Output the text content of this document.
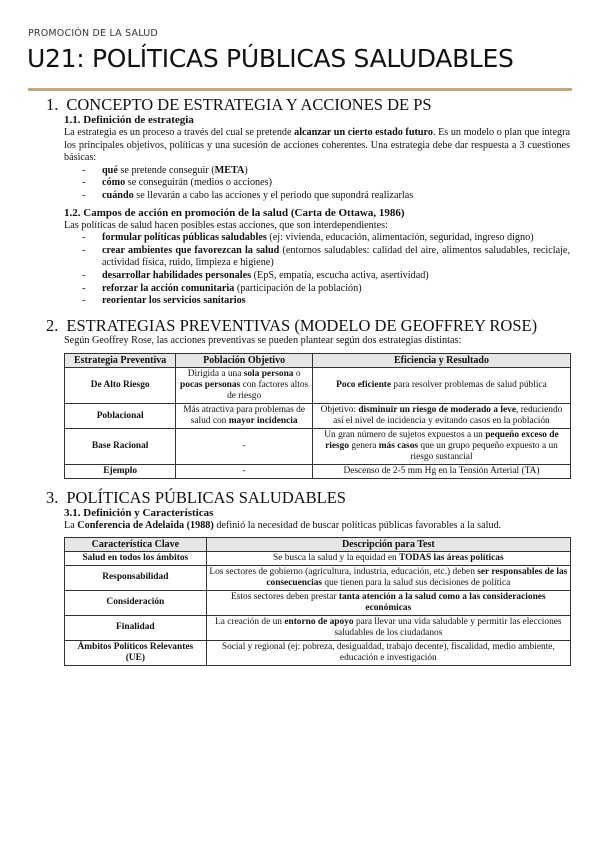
PROMOCIÓN DE LA SALUD
U21: POLÍTICAS PÚBLICAS SALUDABLES
1. CONCEPTO DE ESTRATEGIA Y ACCIONES DE PS
1.1. Definición de estrategia

La estrategia es un proceso a través del cual se pretende alcanzar un cierto estado futuro. Es un modelo o plan que integra los principales objetivos, políticas y una sucesión de acciones coherentes. Una estrategia debe dar respuesta a 3 cuestiones básicas:

- qué se pretende conseguir (META)
- cómo se conseguirán (medios o acciones)
- cuándo se llevarán a cabo las acciones y el periodo que supondrá realizarlas
1.2. Campos de acción en promoción de la salud (Carta de Ottawa, 1986)

Las políticas de salud hacen posibles estas acciones, que son interdependientes:

- formular políticas públicas saludables (ej: vivienda, educación, alimentación, seguridad, ingreso digno)
- crear ambientes que favorezcan la salud (entornos saludables: calidad del aire, alimentos saludables, reciclaje, actividad física, ruido, limpieza e higiene)
- desarrollar habilidades personales (EpS, empatía, escucha activa, asertividad)
- reforzar la acción comunitaria (participación de la población)
- reorientar los servicios sanitarios
2. ESTRATEGIAS PREVENTIVAS (MODELO DE GEOFFREY ROSE)

Según Geoffrey Rose, las acciones preventivas se pueden plantear según dos estrategias distintas:

Estrategia Preventiva	Población Objetivo	Eficiencia y Resultado
De Alto Riesgo	Dirigida a una sola persona o pocas personas con factores altos de riesgo	Poco eficiente para resolver problemas de salud pública
Poblacional	Más atractiva para problemas de salud con mayor incidencia	Objetivo: disminuir un riesgo de moderado a leve, reduciendo así el nivel de incidencia y evitando casos en la población
Base Racional	-	Un gran número de sujetos expuestos a un pequeño exceso de riesgo genera más casos que un grupo pequeño expuesto a un riesgo sustancial
Ejemplo	-	Descenso de 2-5 mm Hg en la Tensión Arterial (TA)
3. POLÍTICAS PÚBLICAS SALUDABLES
3.1. Definición y Características

La Conferencia de Adelaida (1988) definió la necesidad de buscar políticas públicas favorables a la salud.

Característica Clave	Descripción para Test
Salud en todos los ámbitos	Se busca la salud y la equidad en TODAS las áreas políticas
Responsabilidad	Los sectores de gobierno (agricultura, industria, educación, etc.) deben ser responsables de las consecuencias que tienen para la salud sus decisiones de política
Consideración	Estos sectores deben prestar tanta atención a la salud como a las consideraciones económicas
Finalidad	La creación de un entorno de apoyo para llevar una vida saludable y permitir las elecciones saludables de los ciudadanos
Ámbitos Políticos Relevantes (UE)	Social y regional (ej: pobreza, desigualdad, trabajo decente), fiscalidad, medio ambiente, educación e investigación
